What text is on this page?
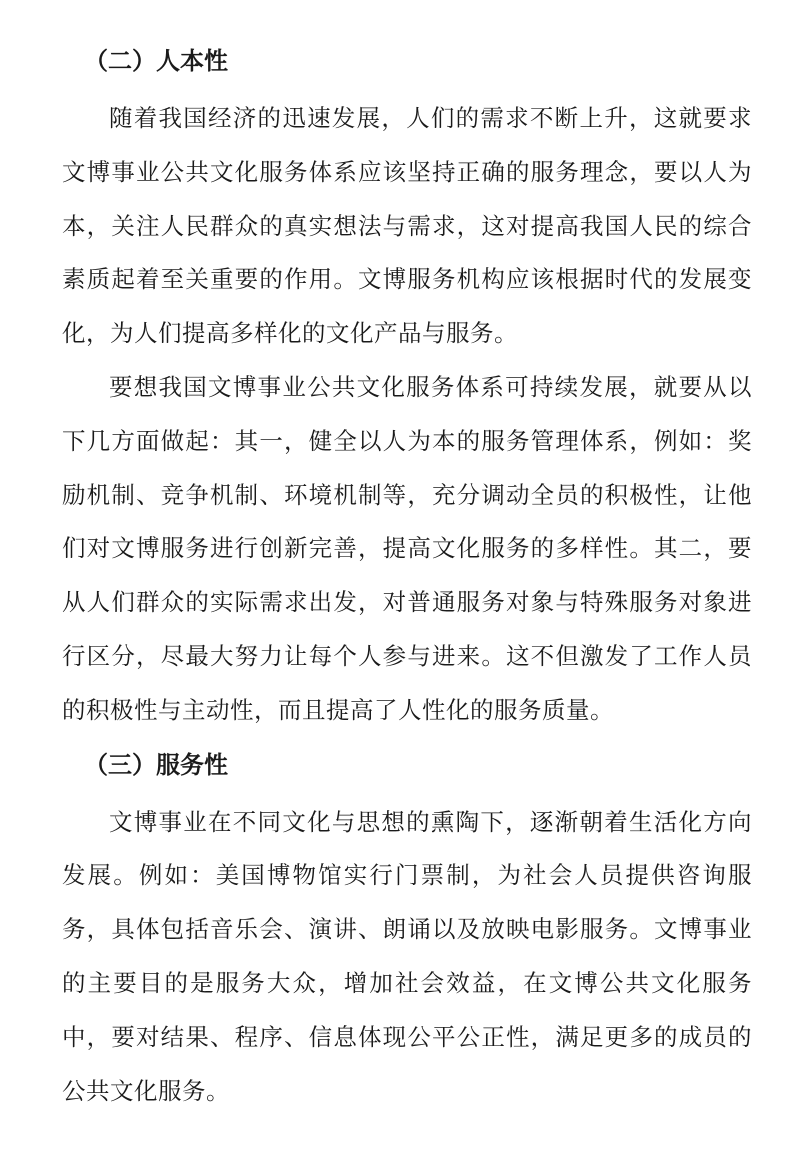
（二）人本性

随着我国经济的迅速发展，人们的需求不断上升，这就要求文博事业公共文化服务体系应该坚持正确的服务理念，要以人为本，关注人民群众的真实想法与需求，这对提高我国人民的综合素质起着至关重要的作用。文博服务机构应该根据时代的发展变化，为人们提高多样化的文化产品与服务。

要想我国文博事业公共文化服务体系可持续发展，就要从以下几方面做起：其一，健全以人为本的服务管理体系，例如：奖励机制、竞争机制、环境机制等，充分调动全员的积极性，让他们对文博服务进行创新完善，提高文化服务的多样性。其二，要从人们群众的实际需求出发，对普通服务对象与特殊服务对象进行区分，尽最大努力让每个人参与进来。这不但激发了工作人员的积极性与主动性，而且提高了人性化的服务质量。

（三）服务性

文博事业在不同文化与思想的熏陶下，逐渐朝着生活化方向发展。例如：美国博物馆实行门票制，为社会人员提供咨询服务，具体包括音乐会、演讲、朗诵以及放映电影服务。文博事业的主要目的是服务大众，增加社会效益，在文博公共文化服务中，要对结果、程序、信息体现公平公正性，满足更多的成员的公共文化服务。
